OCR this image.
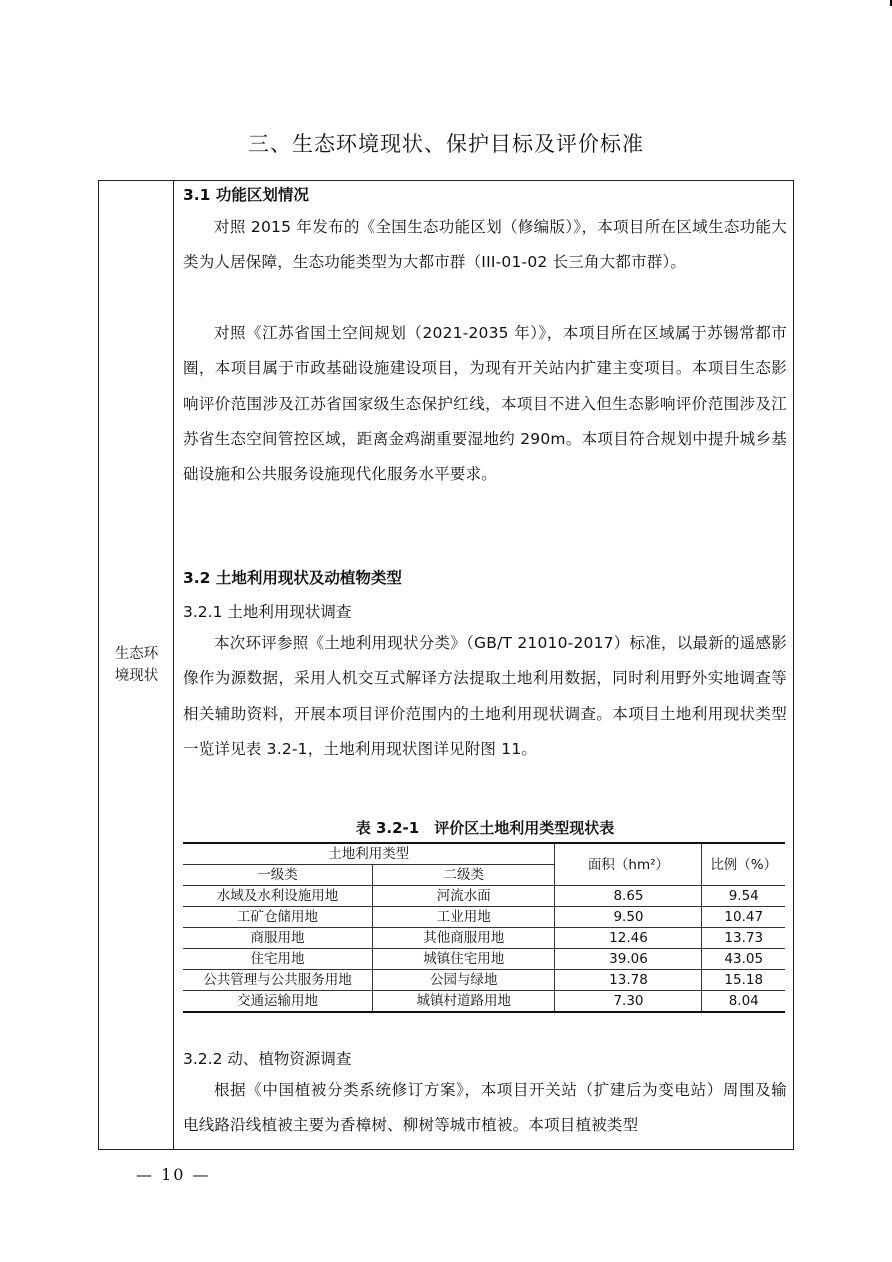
三、生态环境现状、保护目标及评价标准
生态环
境现状
3.1 功能区划情况
对照 2015 年发布的《全国生态功能区划（修编版）》，本项目所在区域生态功能大类为人居保障，生态功能类型为大都市群（III-01-02 长三角大都市群）。
对照《江苏省国土空间规划（2021-2035 年）》，本项目所在区域属于苏锡常都市圈，本项目属于市政基础设施建设项目，为现有开关站内扩建主变项目。本项目生态影响评价范围涉及江苏省国家级生态保护红线，本项目不进入但生态影响评价范围涉及江苏省生态空间管控区域，距离金鸡湖重要湿地约 290m。本项目符合规划中提升城乡基础设施和公共服务设施现代化服务水平要求。
3.2 土地利用现状及动植物类型
3.2.1 土地利用现状调查
本次环评参照《土地利用现状分类》（GB/T 21010-2017）标准，以最新的遥感影像作为源数据，采用人机交互式解译方法提取土地利用数据，同时利用野外实地调查等相关辅助资料，开展本项目评价范围内的土地利用现状调查。本项目土地利用现状类型一览详见表 3.2-1，土地利用现状图详见附图 11。
表 3.2-1　评价区土地利用类型现状表
土地利用类型		面积（hm²）	比例（%）
一级类	二级类		
水域及水利设施用地	河流水面	8.65	9.54
工矿仓储用地	工业用地	9.50	10.47
商服用地	其他商服用地	12.46	13.73
住宅用地	城镇住宅用地	39.06	43.05
公共管理与公共服务用地	公园与绿地	13.78	15.18
交通运输用地	城镇村道路用地	7.30	8.04
3.2.2 动、植物资源调查
根据《中国植被分类系统修订方案》，本项目开关站（扩建后为变电站）周围及输电线路沿线植被主要为香樟树、柳树等城市植被。本项目植被类型
— 10 —
